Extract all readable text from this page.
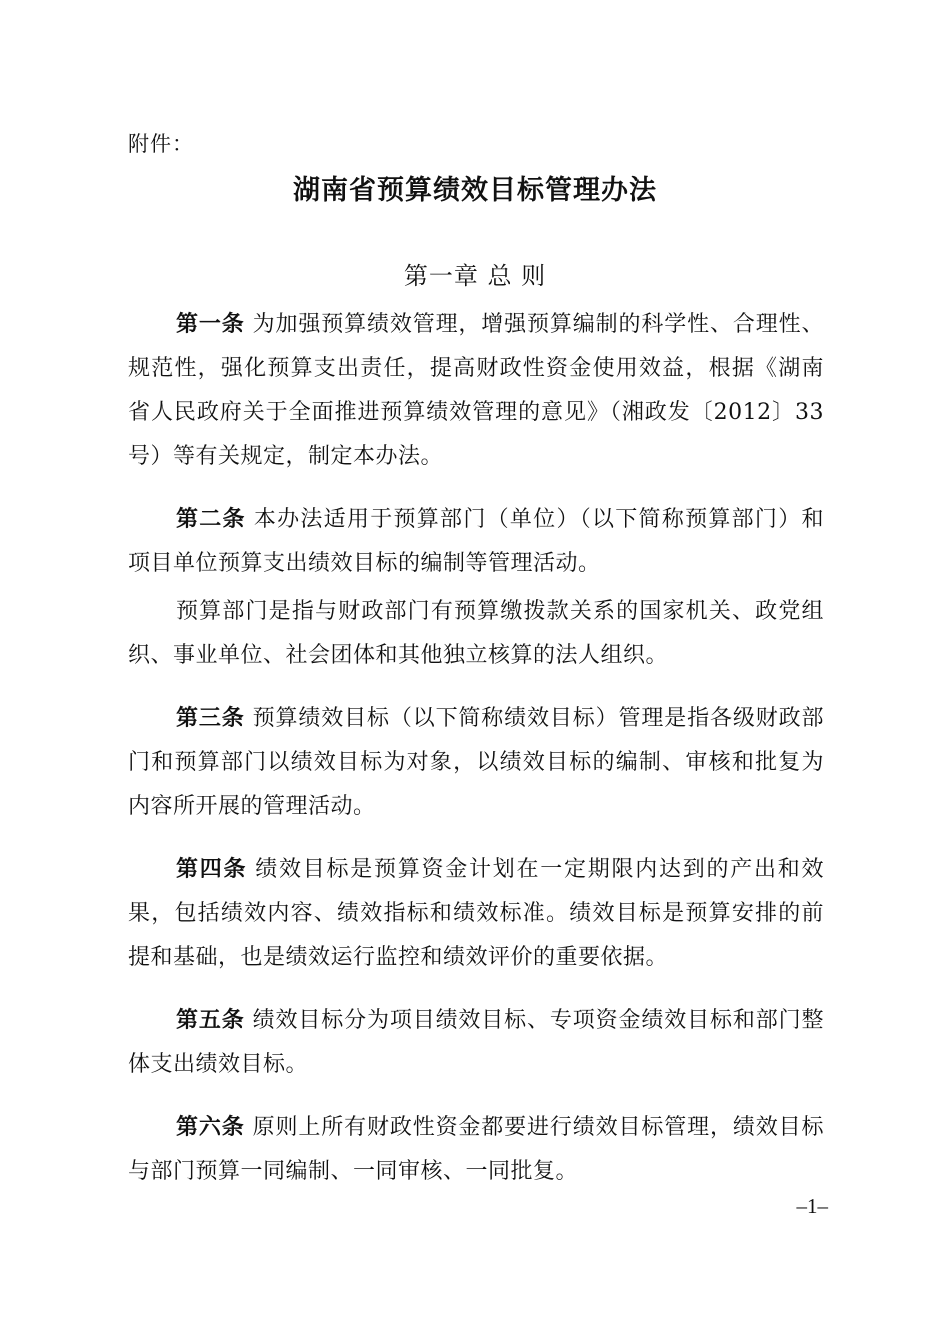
附件：
湖南省预算绩效目标管理办法
第一章 总 则

第一条 为加强预算绩效管理，增强预算编制的科学性、合理性、规范性，强化预算支出责任，提高财政性资金使用效益，根据《湖南省人民政府关于全面推进预算绩效管理的意见》（湘政发〔2012〕33号）等有关规定，制定本办法。

第二条 本办法适用于预算部门（单位）（以下简称预算部门）和项目单位预算支出绩效目标的编制等管理活动。

预算部门是指与财政部门有预算缴拨款关系的国家机关、政党组织、事业单位、社会团体和其他独立核算的法人组织。

第三条 预算绩效目标（以下简称绩效目标）管理是指各级财政部门和预算部门以绩效目标为对象，以绩效目标的编制、审核和批复为内容所开展的管理活动。

第四条 绩效目标是预算资金计划在一定期限内达到的产出和效果，包括绩效内容、绩效指标和绩效标准。绩效目标是预算安排的前提和基础，也是绩效运行监控和绩效评价的重要依据。

第五条 绩效目标分为项目绩效目标、专项资金绩效目标和部门整体支出绩效目标。

第六条 原则上所有财政性资金都要进行绩效目标管理，绩效目标与部门预算一同编制、一同审核、一同批复。

–1–
